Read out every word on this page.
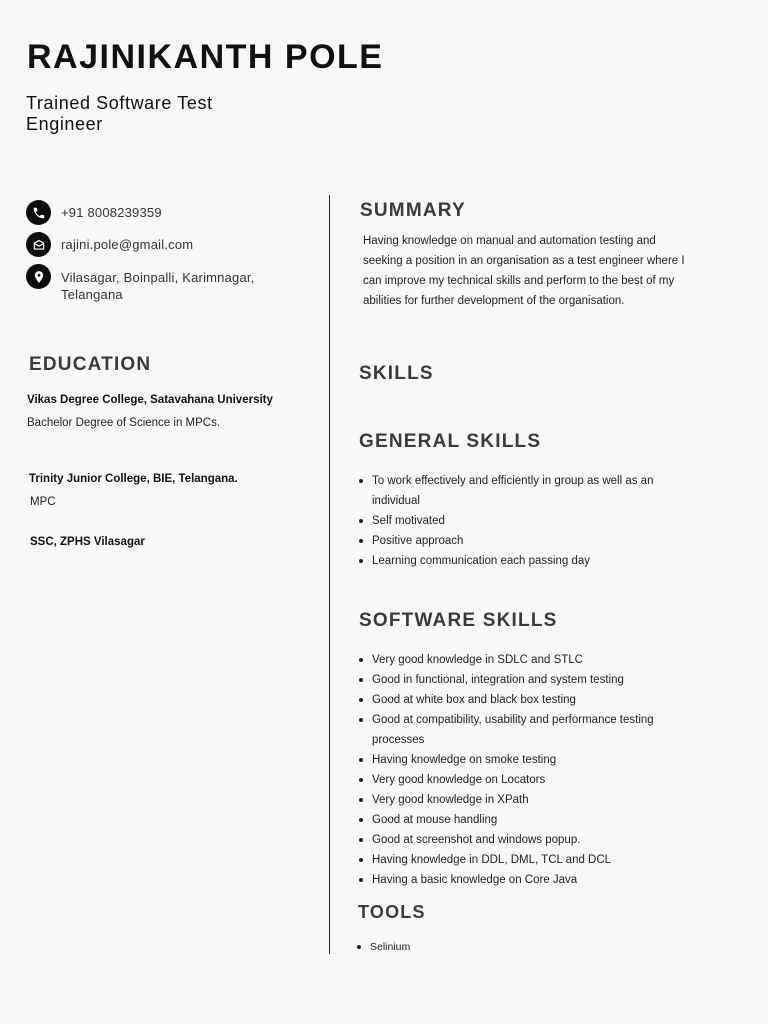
RAJINIKANTH POLE
Trained Software Test Engineer
+91 8008239359
rajini.pole@gmail.com
Vilasagar, Boinpalli, Karimnagar, Telangana
EDUCATION
Vikas Degree College, Satavahana University
Bachelor Degree of Science in MPCs.
Trinity Junior College, BIE, Telangana.
MPC
SSC, ZPHS Vilasagar
SUMMARY

Having knowledge on manual and automation testing and seeking a position in an organisation as a test engineer where I can improve my technical skills and perform to the best of my abilities for further development of the organisation.

SKILLS
GENERAL SKILLS
To work effectively and efficiently in group as well as an individual
Self motivated
Positive approach
Learning communication each passing day
SOFTWARE SKILLS
Very good knowledge in SDLC and STLC
Good in functional, integration and system testing
Good at white box and black box testing
Good at compatibility, usability and performance testing processes
Having knowledge on smoke testing
Very good knowledge on Locators
Very good knowledge in XPath
Good at mouse handling
Good at screenshot and windows popup.
Having knowledge in DDL, DML, TCL and DCL
Having a basic knowledge on Core Java
TOOLS
Selinium
